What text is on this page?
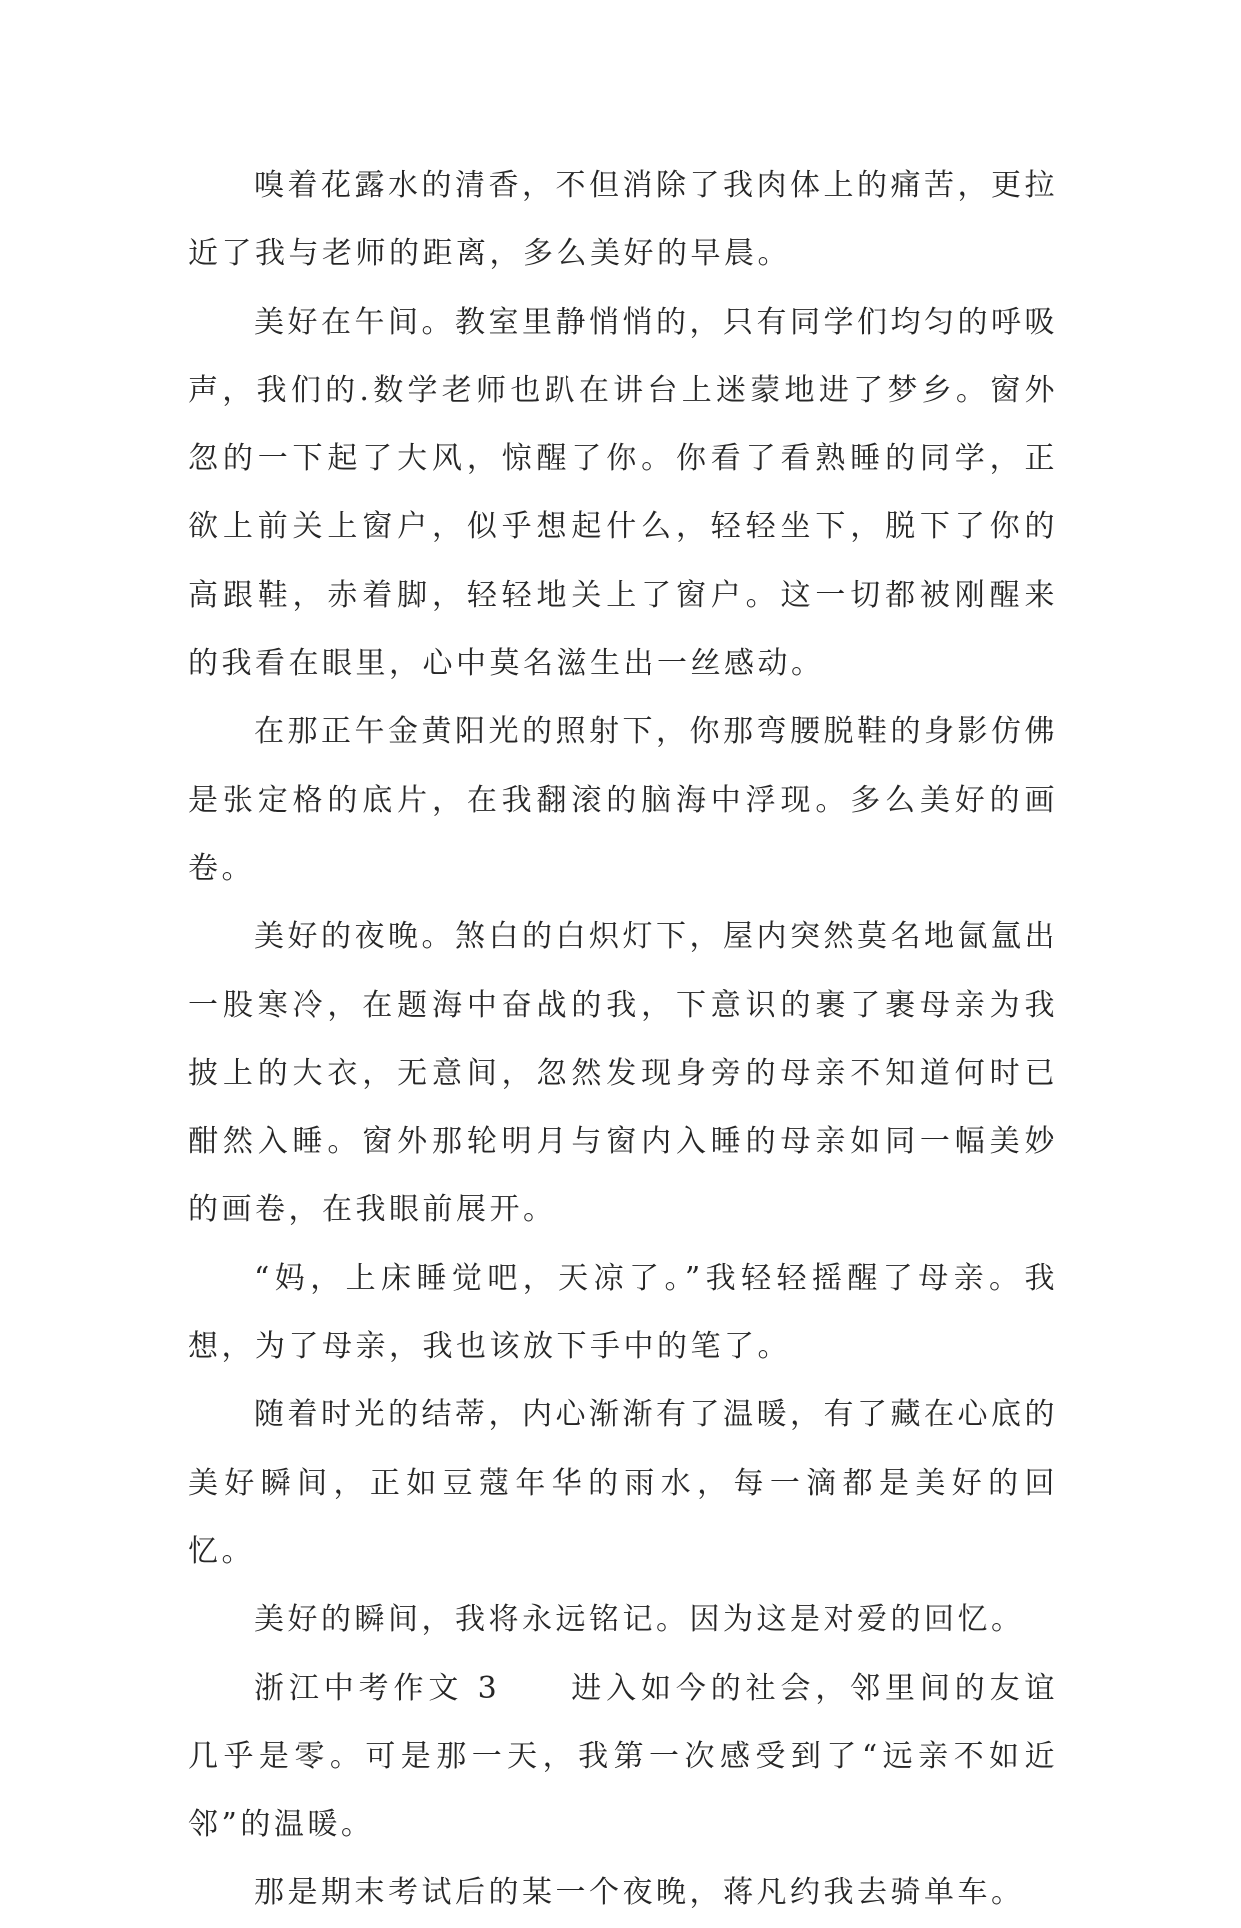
嗅着花露水的清香，不但消除了我肉体上的痛苦，更拉近了我与老师的距离，多么美好的早晨。

美好在午间。教室里静悄悄的，只有同学们均匀的呼吸声，我们的.数学老师也趴在讲台上迷蒙地进了梦乡。窗外忽的一下起了大风，惊醒了你。你看了看熟睡的同学，正欲上前关上窗户，似乎想起什么，轻轻坐下，脱下了你的高跟鞋，赤着脚，轻轻地关上了窗户。这一切都被刚醒来的我看在眼里，心中莫名滋生出一丝感动。

在那正午金黄阳光的照射下，你那弯腰脱鞋的身影仿佛是张定格的底片，在我翻滚的脑海中浮现。多么美好的画卷。

美好的夜晚。煞白的白炽灯下，屋内突然莫名地氤氲出一股寒冷，在题海中奋战的我，下意识的裹了裹母亲为我披上的大衣，无意间，忽然发现身旁的母亲不知道何时已酣然入睡。窗外那轮明月与窗内入睡的母亲如同一幅美妙的画卷，在我眼前展开。

“妈，上床睡觉吧，天凉了。”我轻轻摇醒了母亲。我想，为了母亲，我也该放下手中的笔了。

随着时光的结蒂，内心渐渐有了温暖，有了藏在心底的美好瞬间，正如豆蔻年华的雨水，每一滴都是美好的回忆。

美好的瞬间，我将永远铭记。因为这是对爱的回忆。

浙江中考作文 3　　进入如今的社会，邻里间的友谊几乎是零。可是那一天，我第一次感受到了“远亲不如近邻”的温暖。

那是期末考试后的某一个夜晚，蒋凡约我去骑单车。
